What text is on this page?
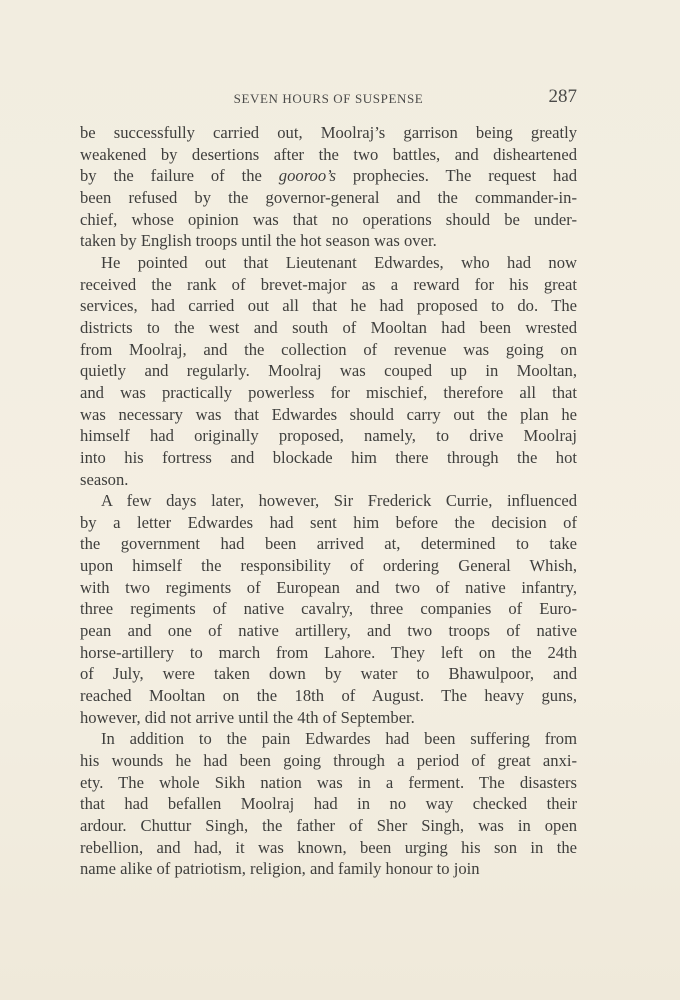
SEVEN HOURS OF SUSPENSE	287
be successfully carried out, Moolraj’s garrison being greatly
weakened by desertions after the two battles, and disheartened
by the failure of the gooroo’s prophecies. The request had
been refused by the governor-general and the commander-in-
chief, whose opinion was that no operations should be under-
taken by English troops until the hot season was over.
He pointed out that Lieutenant Edwardes, who had now
received the rank of brevet-major as a reward for his great
services, had carried out all that he had proposed to do. The
districts to the west and south of Mooltan had been wrested
from Moolraj, and the collection of revenue was going on
quietly and regularly. Moolraj was couped up in Mooltan,
and was practically powerless for mischief, therefore all that
was necessary was that Edwardes should carry out the plan he
himself had originally proposed, namely, to drive Moolraj
into his fortress and blockade him there through the hot
season.
A few days later, however, Sir Frederick Currie, influenced
by a letter Edwardes had sent him before the decision of
the government had been arrived at, determined to take
upon himself the responsibility of ordering General Whish,
with two regiments of European and two of native infantry,
three regiments of native cavalry, three companies of Euro-
pean and one of native artillery, and two troops of native
horse-artillery to march from Lahore. They left on the 24th
of July, were taken down by water to Bhawulpoor, and
reached Mooltan on the 18th of August. The heavy guns,
however, did not arrive until the 4th of September.
In addition to the pain Edwardes had been suffering from
his wounds he had been going through a period of great anxi-
ety. The whole Sikh nation was in a ferment. The disasters
that had befallen Moolraj had in no way checked their
ardour. Chuttur Singh, the father of Sher Singh, was in open
rebellion, and had, it was known, been urging his son in the
name alike of patriotism, religion, and family honour to join
